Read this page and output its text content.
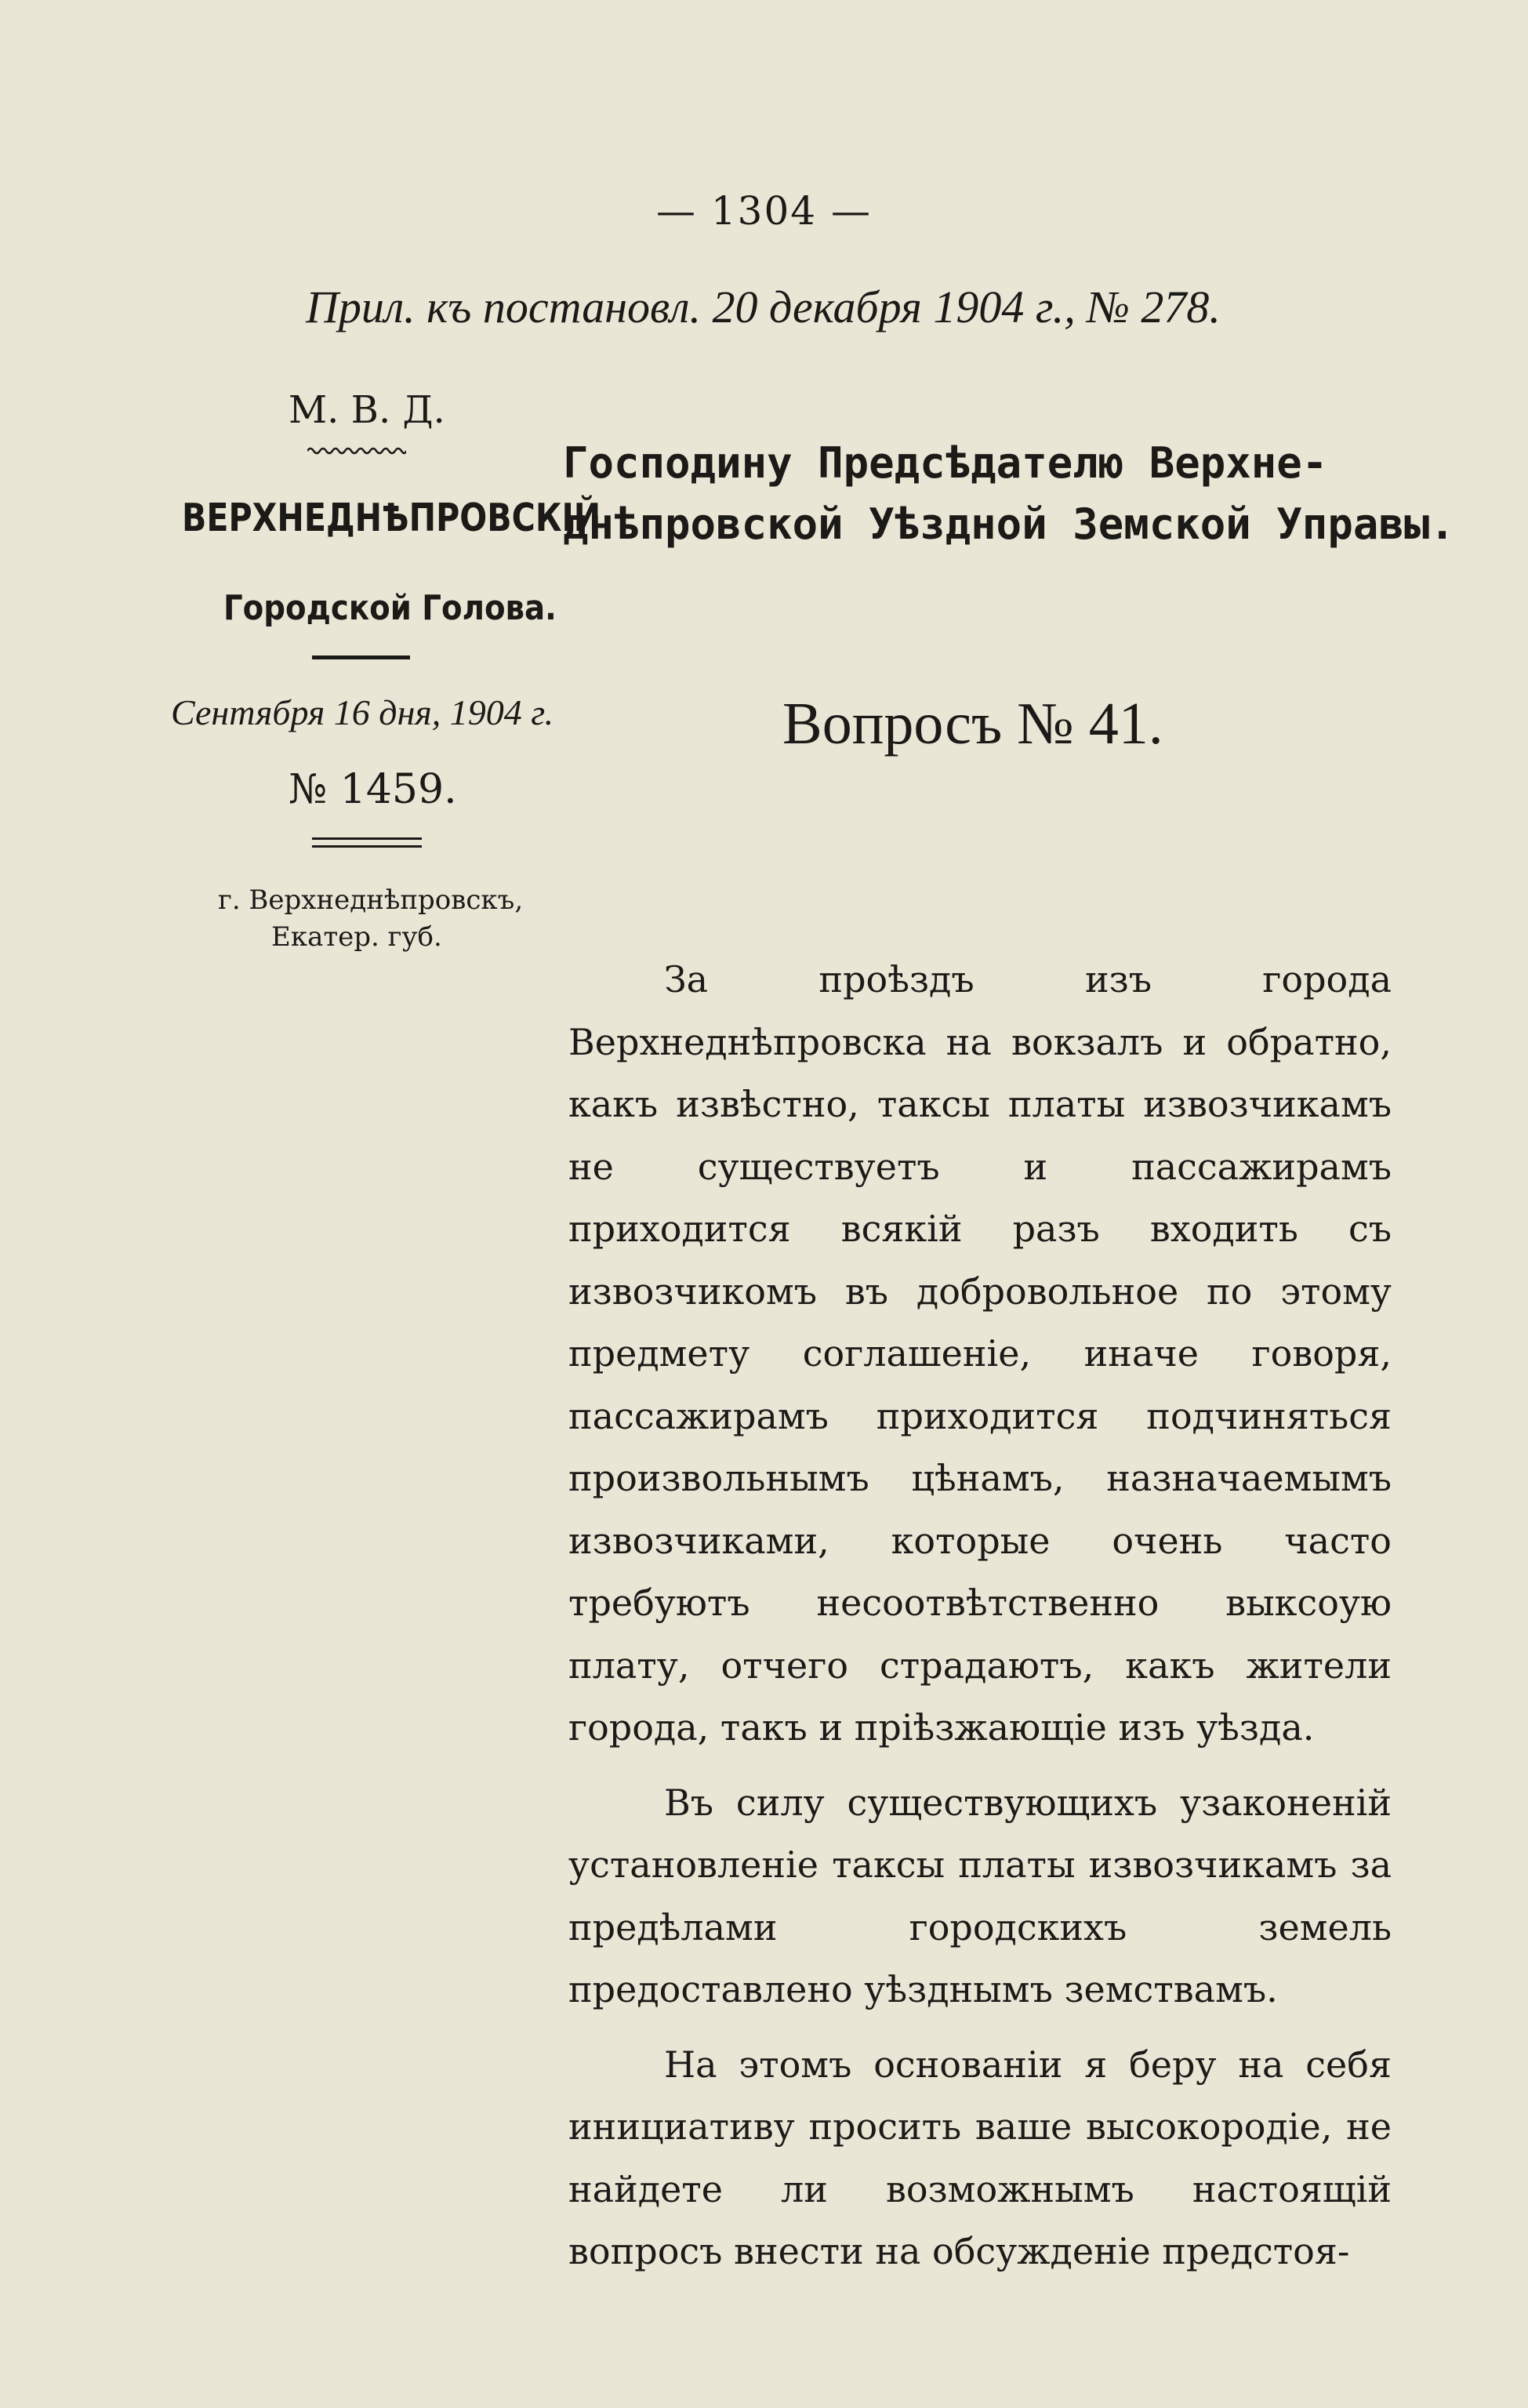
— 1304 —
Прил. къ постановл. 20 декабря 1904 г., № 278.
М. В. Д.
ВЕРХНЕДНѢПРОВСКІЙ
Городской Голова.
Сентября 16 дня, 1904 г.
№ 1459.
г. Верхнеднѣпровскъ,
Екатер. губ.
Господину Предсѣдателю Верхне-
днѣпровской Уѣздной Земской Управы.
Вопросъ № 41.

За проѣздъ изъ города Верхнеднѣпровска на вокзалъ и обратно, какъ извѣстно, таксы платы извозчикамъ не существуетъ и пассажирамъ приходится всякій разъ входить съ извозчикомъ въ добровольное по этому предмету соглашеніе, иначе говоря, пассажирамъ приходится подчиняться произвольнымъ цѣнамъ, назначаемымъ извозчиками, которые очень часто требуютъ несоотвѣтственно выксоую плату, отчего страдаютъ, какъ жители города, такъ и пріѣзжающіе изъ уѣзда.

Въ силу существующихъ узаконеній установленіе таксы платы извозчикамъ за предѣлами городскихъ земель предоставлено уѣзднымъ земствамъ.

На этомъ основаніи я беру на себя инициативу просить ваше высокородіе, не найдете ли возможнымъ настоящій вопросъ внести на обсужденіе предстоя-
